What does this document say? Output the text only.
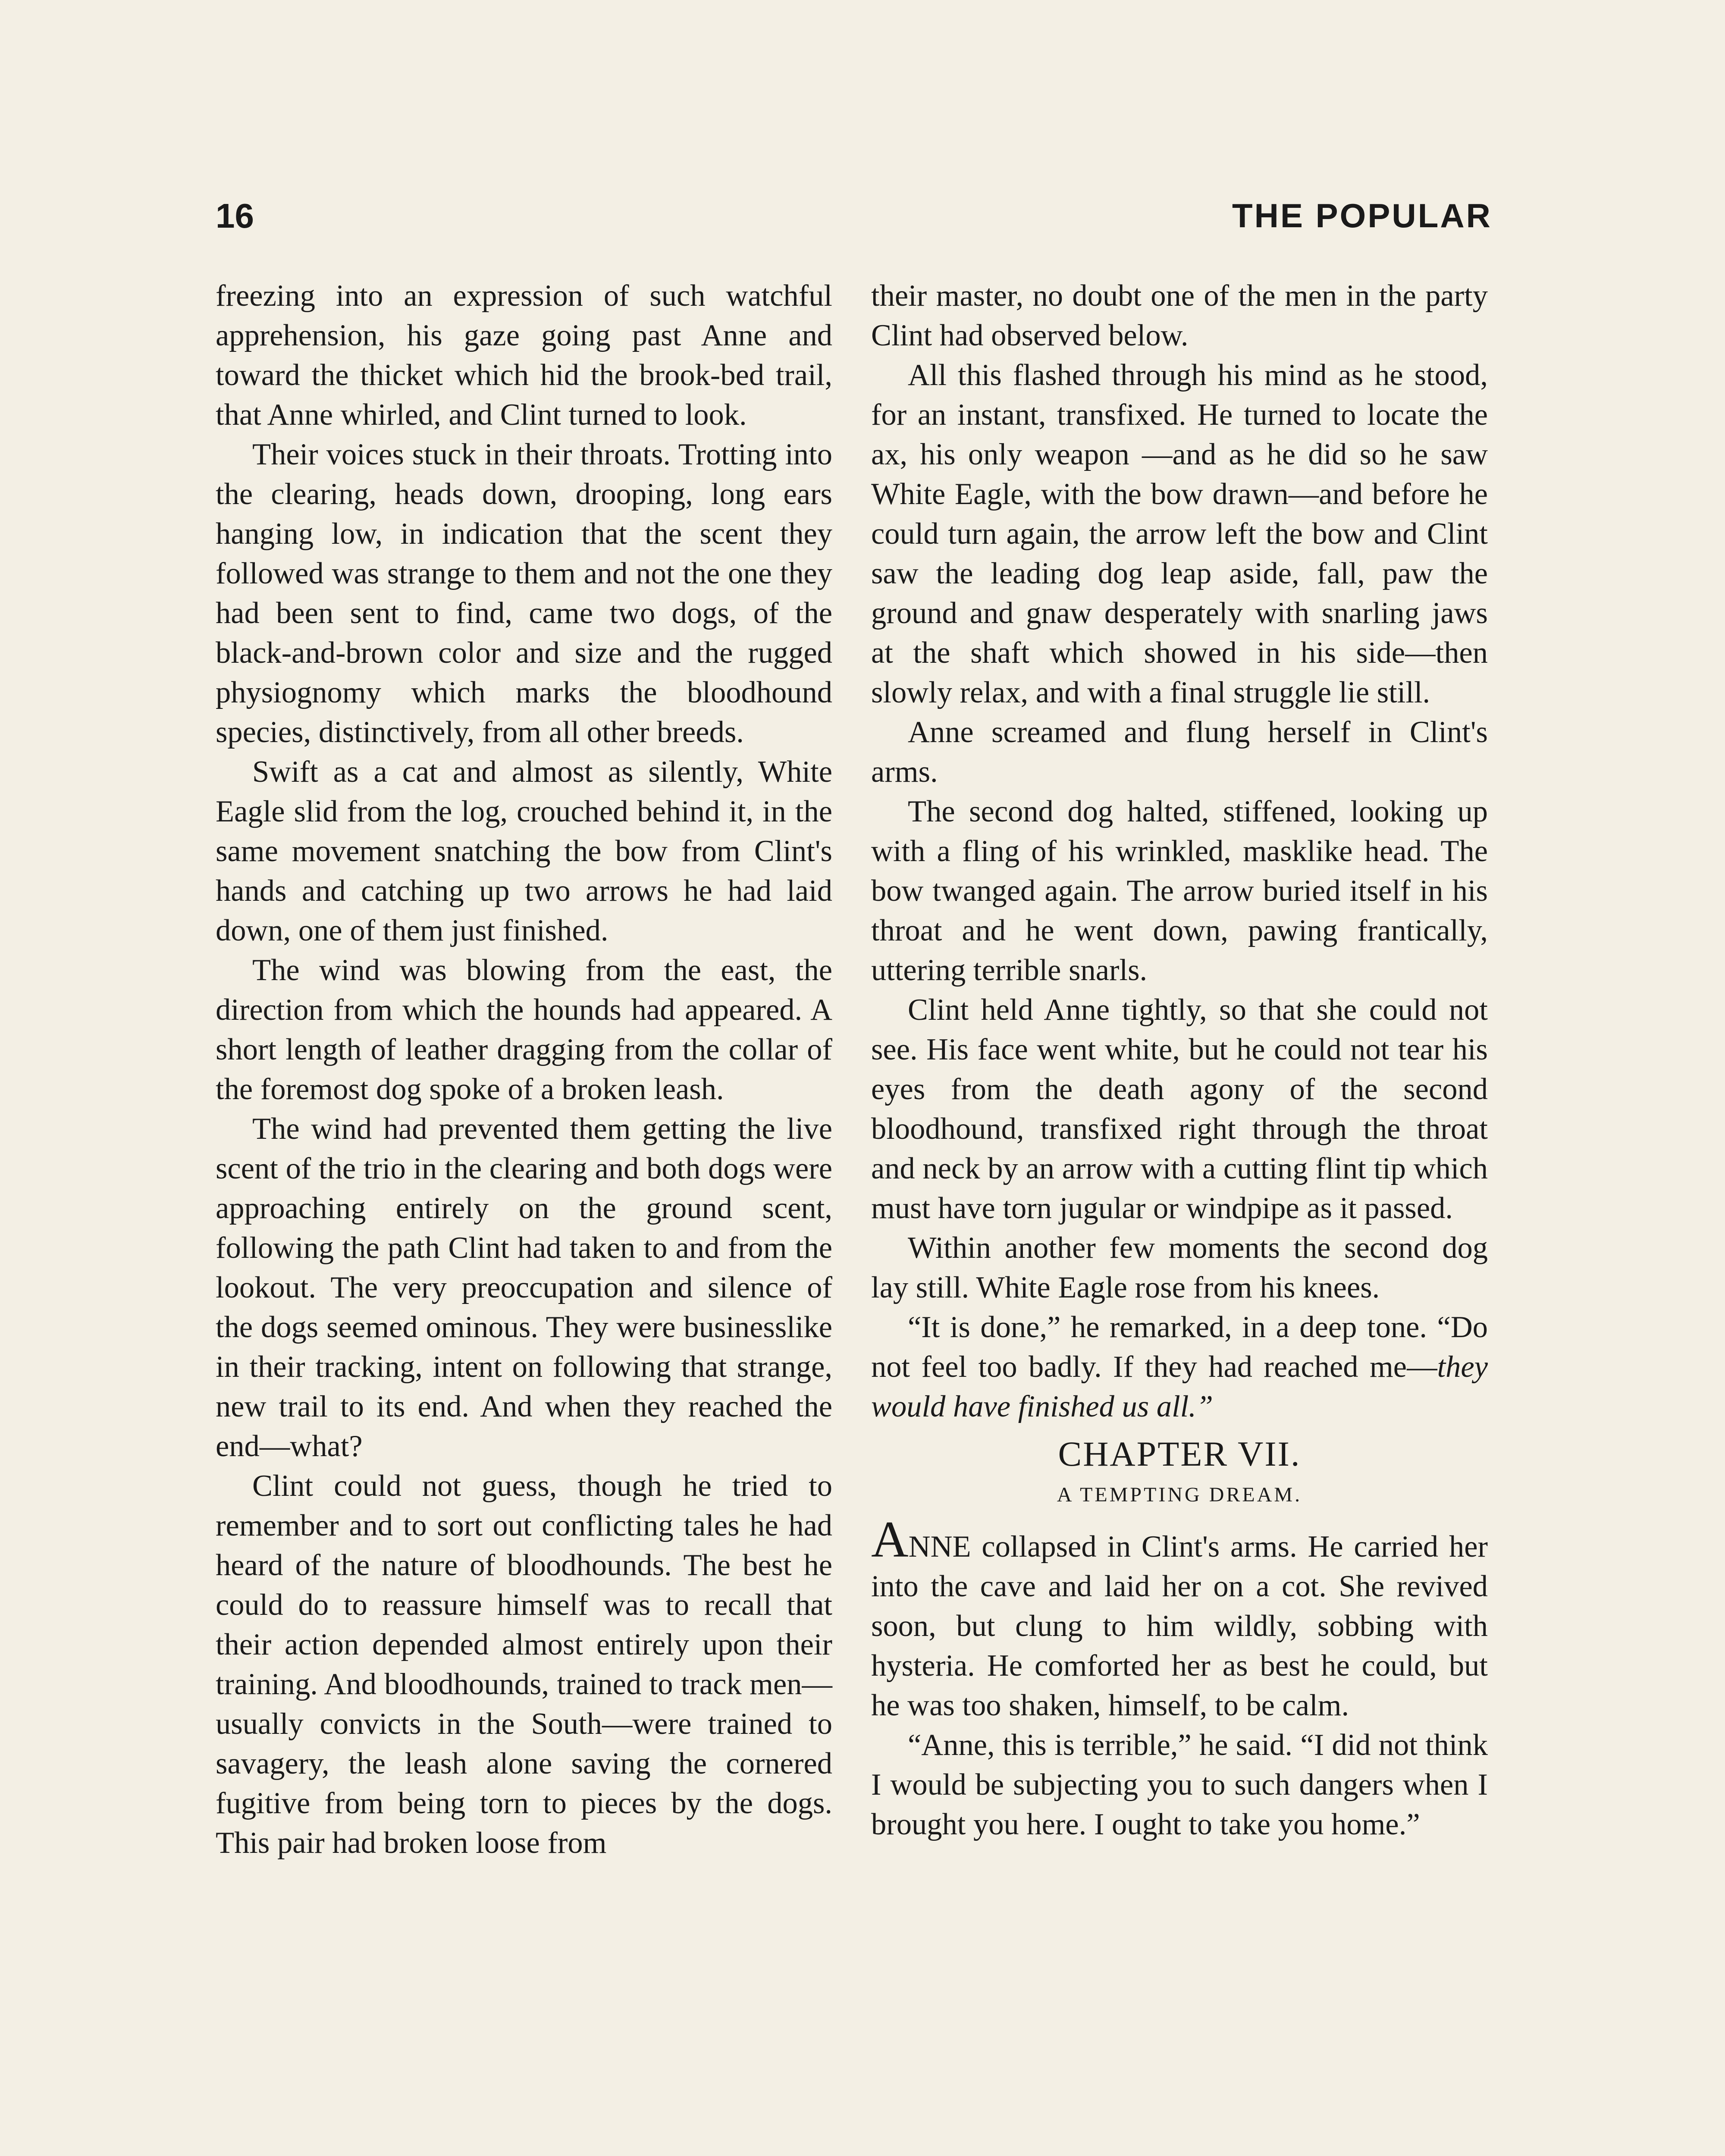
16	THE POPULAR

freezing into an expression of such watchful apprehension, his gaze going past Anne and toward the thicket which hid the brook-bed trail, that Anne whirled, and Clint turned to look.

Their voices stuck in their throats. Trotting into the clearing, heads down, drooping, long ears hanging low, in indication that the scent they followed was strange to them and not the one they had been sent to find, came two dogs, of the black-and-brown color and size and the rugged physiognomy which marks the bloodhound species, distinctively, from all other breeds.

Swift as a cat and almost as silently, White Eagle slid from the log, crouched behind it, in the same movement snatching the bow from Clint's hands and catching up two arrows he had laid down, one of them just finished.

The wind was blowing from the east, the direction from which the hounds had appeared. A short length of leather dragging from the collar of the foremost dog spoke of a broken leash.

The wind had prevented them getting the live scent of the trio in the clearing and both dogs were approaching entirely on the ground scent, following the path Clint had taken to and from the lookout. The very preoccupation and silence of the dogs seemed ominous. They were businesslike in their tracking, intent on following that strange, new trail to its end. And when they reached the end—what?

Clint could not guess, though he tried to remember and to sort out conflicting tales he had heard of the nature of bloodhounds. The best he could do to reassure himself was to recall that their action depended almost entirely upon their training. And bloodhounds, trained to track men—usually convicts in the South—were trained to savagery, the leash alone saving the cornered fugitive from being torn to pieces by the dogs. This pair had broken loose from

their master, no doubt one of the men in the party Clint had observed below.

All this flashed through his mind as he stood, for an instant, transfixed. He turned to locate the ax, his only weapon —and as he did so he saw White Eagle, with the bow drawn—and before he could turn again, the arrow left the bow and Clint saw the leading dog leap aside, fall, paw the ground and gnaw desperately with snarling jaws at the shaft which showed in his side—then slowly relax, and with a final struggle lie still.

Anne screamed and flung herself in Clint's arms.

The second dog halted, stiffened, looking up with a fling of his wrinkled, masklike head. The bow twanged again. The arrow buried itself in his throat and he went down, pawing frantically, uttering terrible snarls.

Clint held Anne tightly, so that she could not see. His face went white, but he could not tear his eyes from the death agony of the second bloodhound, transfixed right through the throat and neck by an arrow with a cutting flint tip which must have torn jugular or windpipe as it passed.

Within another few moments the second dog lay still. White Eagle rose from his knees.

“It is done,” he remarked, in a deep tone. “Do not feel too badly. If they had reached me—they would have finished us all.”

CHAPTER VII.
A TEMPTING DREAM.

ANNE collapsed in Clint's arms. He carried her into the cave and laid her on a cot. She revived soon, but clung to him wildly, sobbing with hysteria. He comforted her as best he could, but he was too shaken, himself, to be calm.

“Anne, this is terrible,” he said. “I did not think I would be subjecting you to such dangers when I brought you here. I ought to take you home.”
